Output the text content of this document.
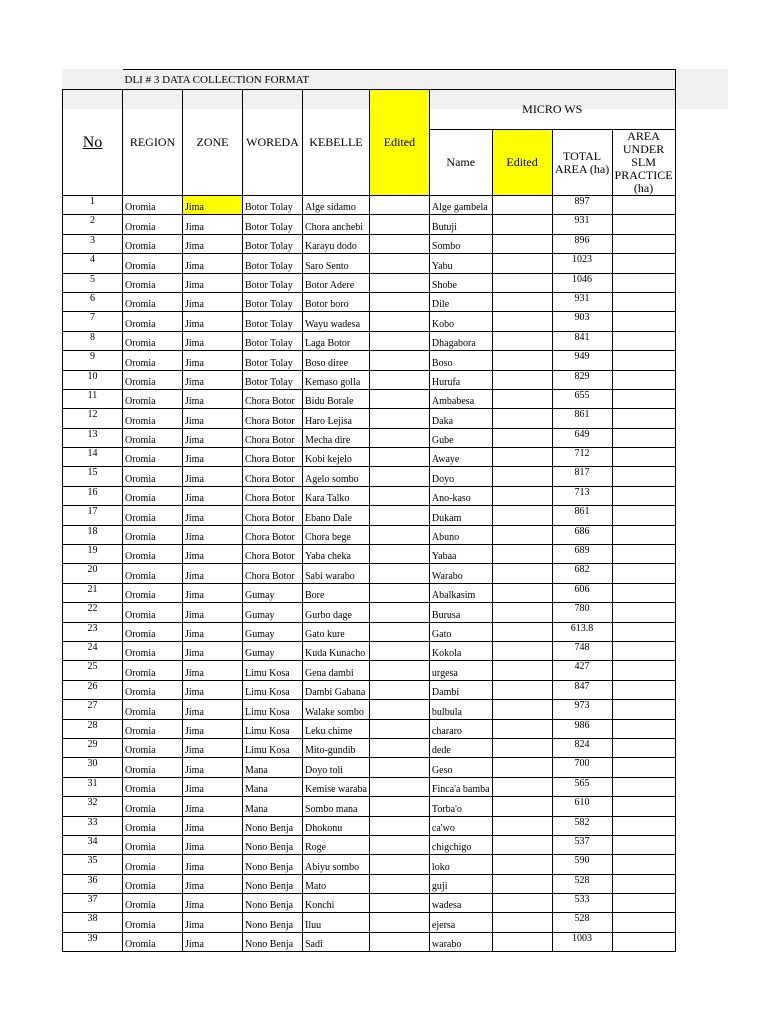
	DLI # 3 DATA COLLECTION FORMAT								
No	REGION	ZONE	WOREDA	KEBELLE	Edited	MICRO WS			
						Name	Edited	TOTAL AREA (ha)	AREA UNDER SLM PRACTICE (ha)
1	Oromia	Jima	Botor Tolay	Alge sidamo		Alge gambela		897	
2	Oromia	Jima	Botor Tolay	Chora anchebi		Butuji		931	
3	Oromia	Jima	Botor Tolay	Karayu dodo		Sombo		896	
4	Oromia	Jima	Botor Tolay	Saro Sento		Yabu		1023	
5	Oromia	Jima	Botor Tolay	Botor Adere		Shobe		1046	
6	Oromia	Jima	Botor Tolay	Botor boro		Dile		931	
7	Oromia	Jima	Botor Tolay	Wayu wadesa		Kobo		903	
8	Oromia	Jima	Botor Tolay	Laga Botor		Dhagabora		841	
9	Oromia	Jima	Botor Tolay	Boso diree		Boso		949	
10	Oromia	Jima	Botor Tolay	Kemaso golla		Hurufa		829	
11	Oromia	Jima	Chora Botor	Bidu Borale		Ambabesa		655	
12	Oromia	Jima	Chora Botor	Haro Lejisa		Daka		861	
13	Oromia	Jima	Chora Botor	Mecha dire		Gube		649	
14	Oromia	Jima	Chora Botor	Kobi kejelo		Awaye		712	
15	Oromia	Jima	Chora Botor	Agelo sombo		Doyo		817	
16	Oromia	Jima	Chora Botor	Kara Talko		Ano-kaso		713	
17	Oromia	Jima	Chora Botor	Ebano Dale		Dukam		861	
18	Oromia	Jima	Chora Botor	Chora bege		Abuno		686	
19	Oromia	Jima	Chora Botor	Yaba cheka		Yabaa		689	
20	Oromia	Jima	Chora Botor	Sabi warabo		Warabo		682	
21	Oromia	Jima	Gumay	Bore		Abalkasim		606	
22	Oromia	Jima	Gumay	Gurbo dage		Burusa		780	
23	Oromia	Jima	Gumay	Gato kure		Gato		613.8	
24	Oromia	Jima	Gumay	Kuda Kunacho		Kokola		748	
25	Oromia	Jima	Limu Kosa	Gena dambi		urgesa		427	
26	Oromia	Jima	Limu Kosa	Dambi Gabana		Dambi		847	
27	Oromia	Jima	Limu Kosa	Walake sombo		bulbula		973	
28	Oromia	Jima	Limu Kosa	Leku chime		chararo		986	
29	Oromia	Jima	Limu Kosa	Mito-gundib		dede		824	
30	Oromia	Jima	Mana	Doyo toli		Geso		700	
31	Oromia	Jima	Mana	Kemise waraba		Finca'a bamba		565	
32	Oromia	Jima	Mana	Sombo mana		Torba'o		610	
33	Oromia	Jima	Nono Benja	Dhokonu		ca'wo		582	
34	Oromia	Jima	Nono Benja	Roge		chigchigo		537	
35	Oromia	Jima	Nono Benja	Abiyu sombo		loko		590	
36	Oromia	Jima	Nono Benja	Mato		guji		528	
37	Oromia	Jima	Nono Benja	Konchi		wadesa		533	
38	Oromia	Jima	Nono Benja	Iluu		ejersa		528	
39	Oromia	Jima	Nono Benja	Sadi		warabo		1003	
